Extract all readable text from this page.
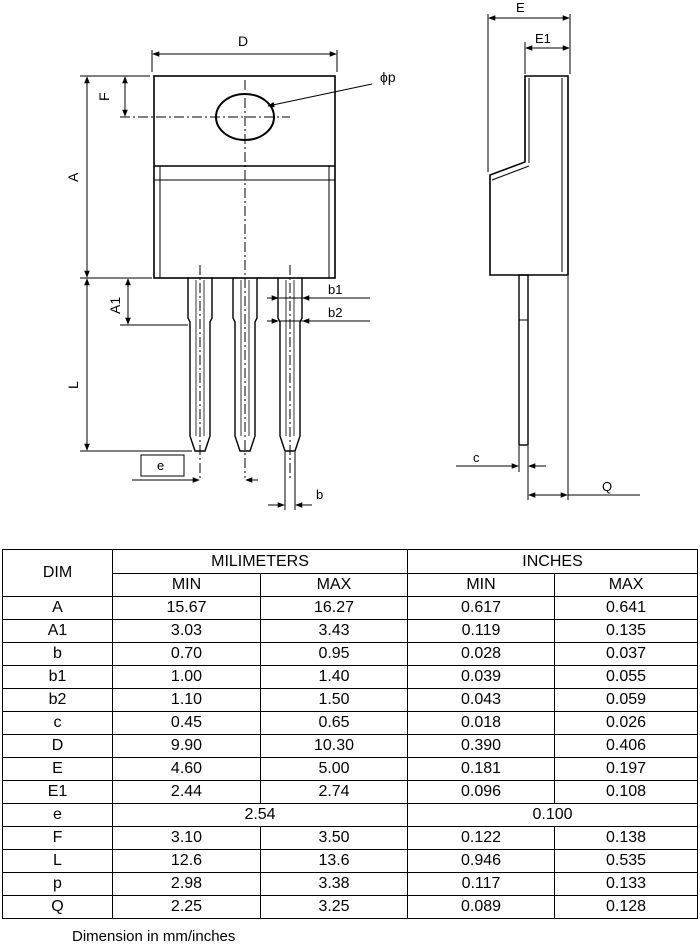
D
E
E1
ϕp
F
A
A1
L
b1
b2
b
e
c
Q
DIM	MILIMETERS		INCHES	
	MIN	MAX	MIN	MAX
A	15.67	16.27	0.617	0.641
A1	3.03	3.43	0.119	0.135
b	0.70	0.95	0.028	0.037
b1	1.00	1.40	0.039	0.055
b2	1.10	1.50	0.043	0.059
c	0.45	0.65	0.018	0.026
D	9.90	10.30	0.390	0.406
E	4.60	5.00	0.181	0.197
E1	2.44	2.74	0.096	0.108
e	2.54		0.100	
F	3.10	3.50	0.122	0.138
L	12.6	13.6	0.946	0.535
p	2.98	3.38	0.117	0.133
Q	2.25	3.25	0.089	0.128
Dimension in mm/inches
